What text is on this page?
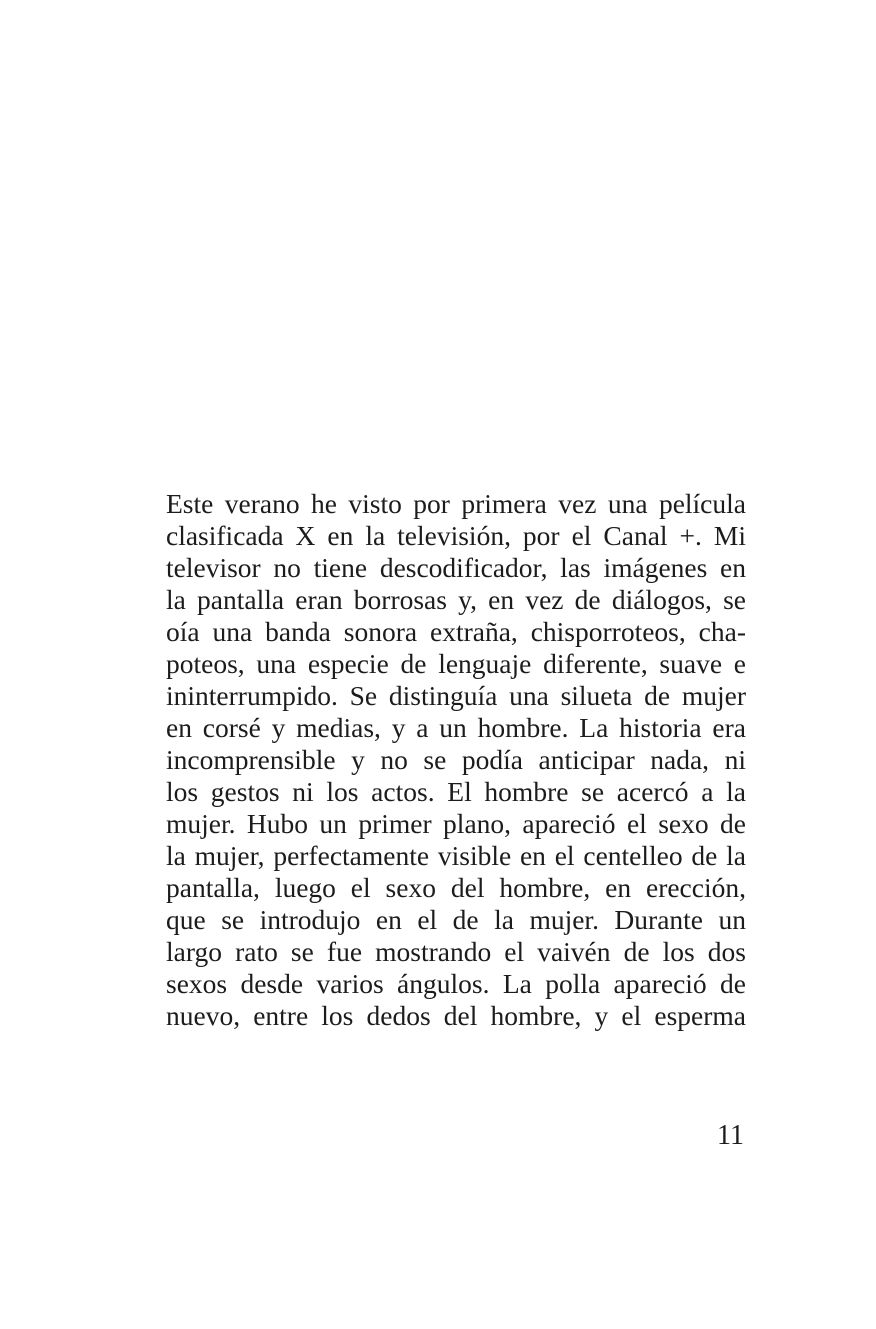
Este verano he visto por primera vez una película
clasificada X en la televisión, por el Canal +. Mi
televisor no tiene descodificador, las imágenes en
la pantalla eran borrosas y, en vez de diálogos, se
oía una banda sonora extraña, chisporroteos, cha-
poteos, una especie de lenguaje diferente, suave e
ininterrumpido. Se distinguía una silueta de mujer
en corsé y medias, y a un hombre. La historia era
incomprensible y no se podía anticipar nada, ni
los gestos ni los actos. El hombre se acercó a la
mujer. Hubo un primer plano, apareció el sexo de
la mujer, perfectamente visible en el centelleo de la
pantalla, luego el sexo del hombre, en erección,
que se introdujo en el de la mujer. Durante un
largo rato se fue mostrando el vaivén de los dos
sexos desde varios ángulos. La polla apareció de
nuevo, entre los dedos del hombre, y el esperma
11
